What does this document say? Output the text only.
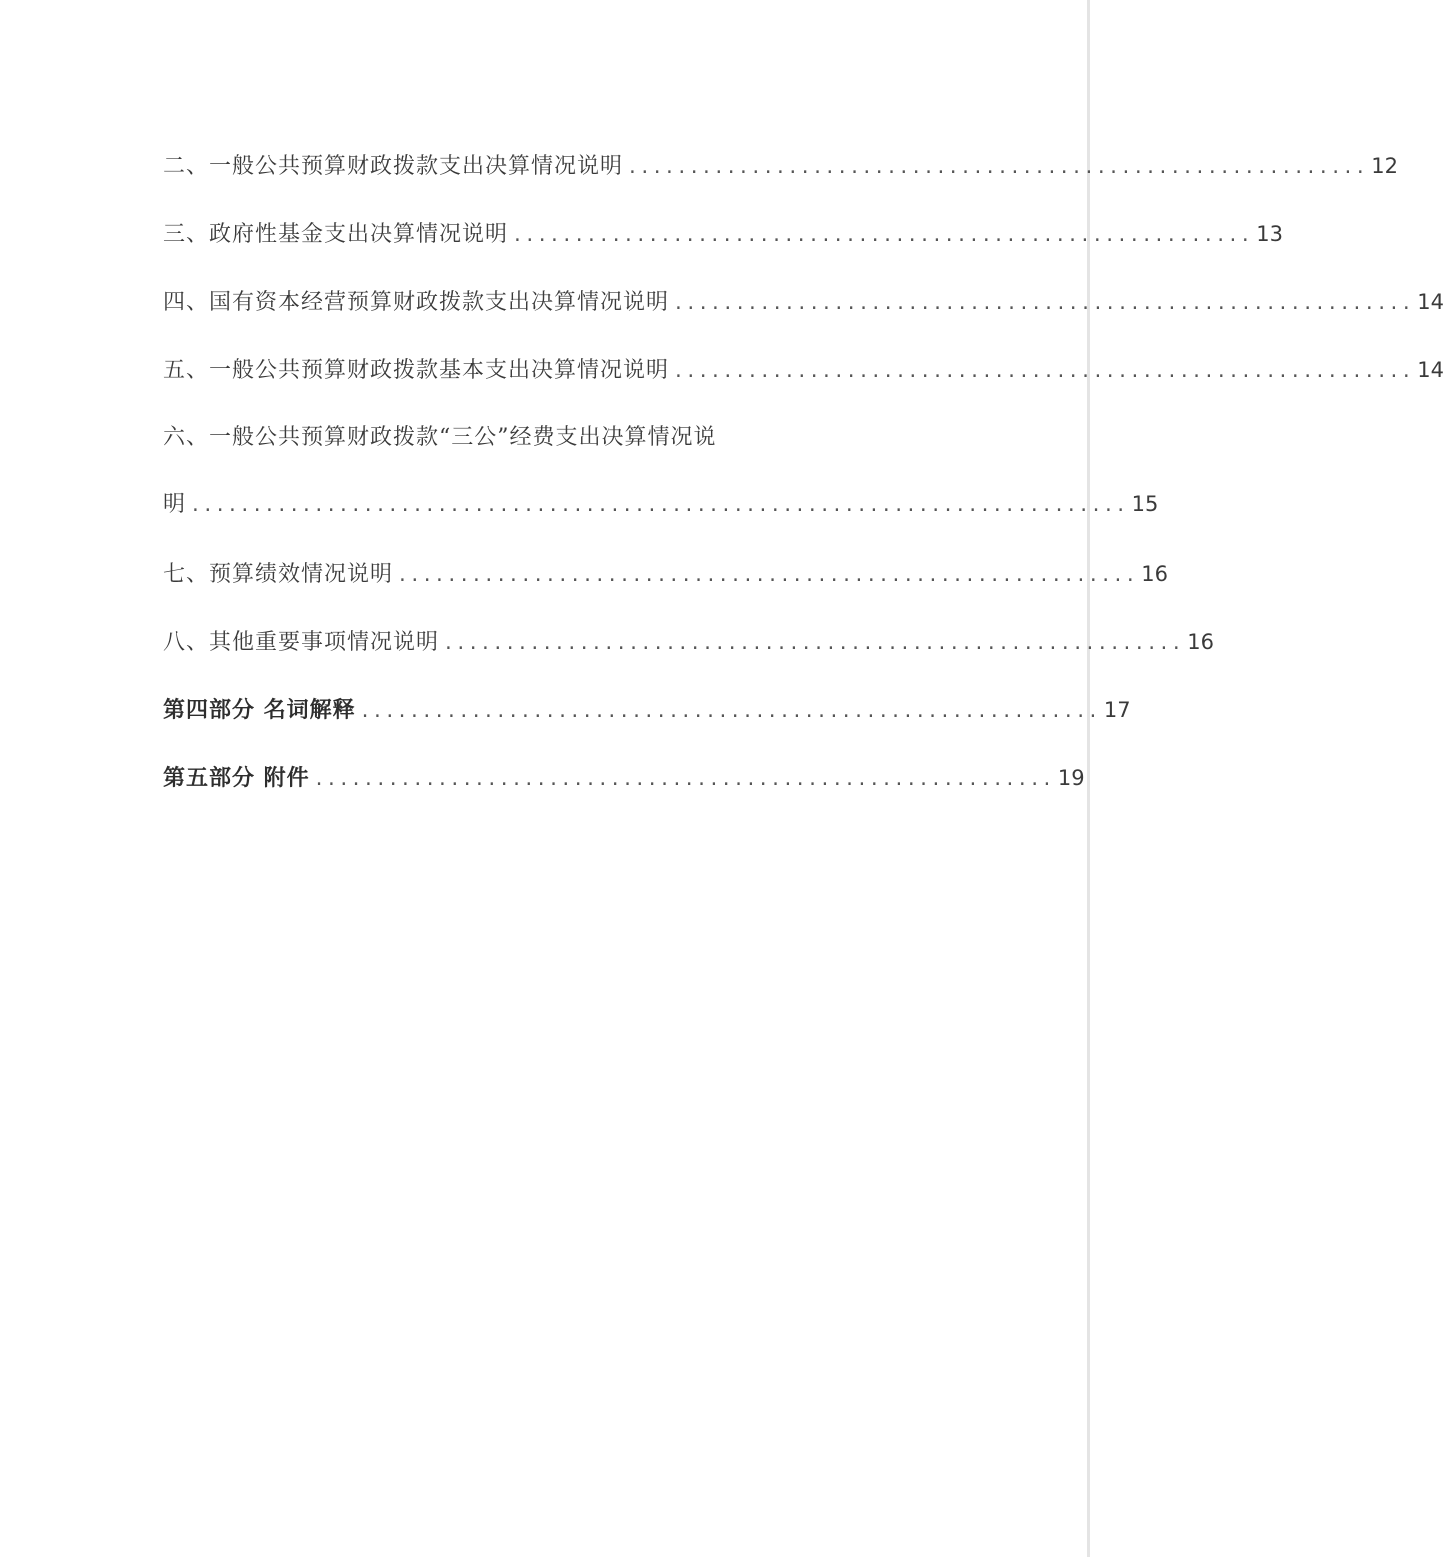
二、一般公共预算财政拨款支出决算情况说明 ............................................................ 12
三、政府性基金支出决算情况说明 ............................................................ 13
四、国有资本经营预算财政拨款支出决算情况说明 ............................................................ 14
五、一般公共预算财政拨款基本支出决算情况说明 ............................................................ 14
六、一般公共预算财政拨款“三公”经费支出决算情况说
明 ............................................................................ 15
七、预算绩效情况说明 ............................................................ 16
八、其他重要事项情况说明 ............................................................ 16
第四部分 名词解释 ............................................................ 17
第五部分 附件 ............................................................ 19
